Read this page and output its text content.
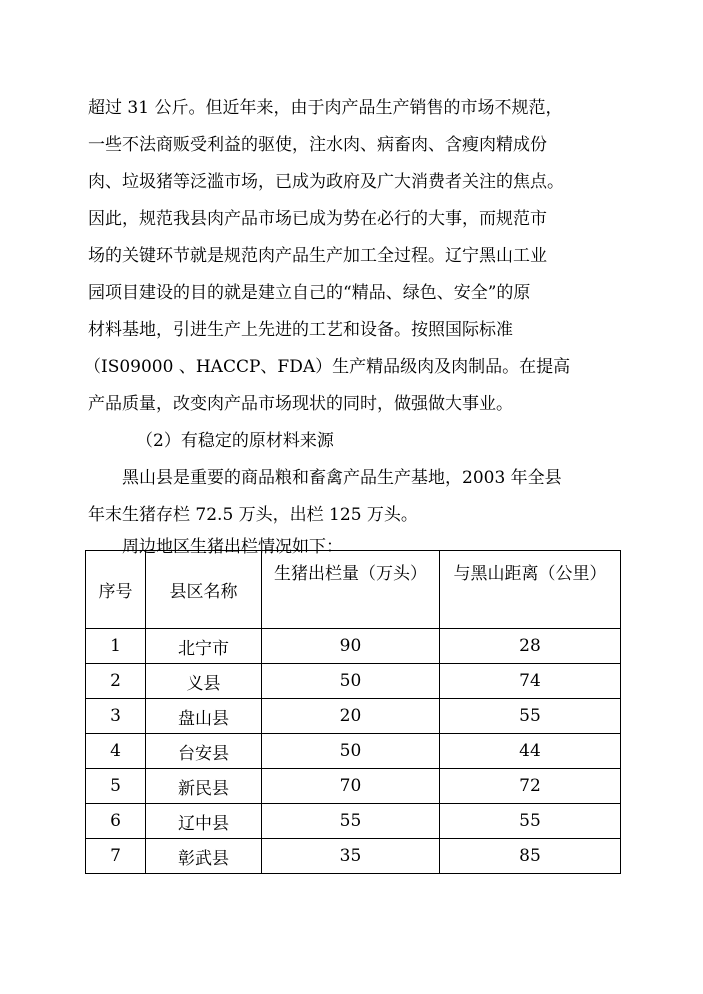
超过 31 公斤。但近年来，由于肉产品生产销售的市场不规范，
一些不法商贩受利益的驱使，注水肉、病畜肉、含瘦肉精成份
肉、垃圾猪等泛滥市场，已成为政府及广大消费者关注的焦点。
因此，规范我县肉产品市场已成为势在必行的大事，而规范市
场的关键环节就是规范肉产品生产加工全过程。辽宁黑山工业
园项目建设的目的就是建立自己的“精品、绿色、安全”的原
材料基地，引进生产上先进的工艺和设备。按照国际标准
（IS09000 、HACCP、FDA）生产精品级肉及肉制品。在提高
产品质量，改变肉产品市场现状的同时，做强做大事业。
（2）有稳定的原材料来源
黑山县是重要的商品粮和畜禽产品生产基地，2003 年全县
年末生猪存栏 72.5 万头，出栏 125 万头。
周边地区生猪出栏情况如下：
序号	县区名称	生猪出栏量（万头）	与黑山距离（公里）
1	北宁市	90	28
2	义县	50	74
3	盘山县	20	55
4	台安县	50	44
5	新民县	70	72
6	辽中县	55	55
7	彰武县	35	85
